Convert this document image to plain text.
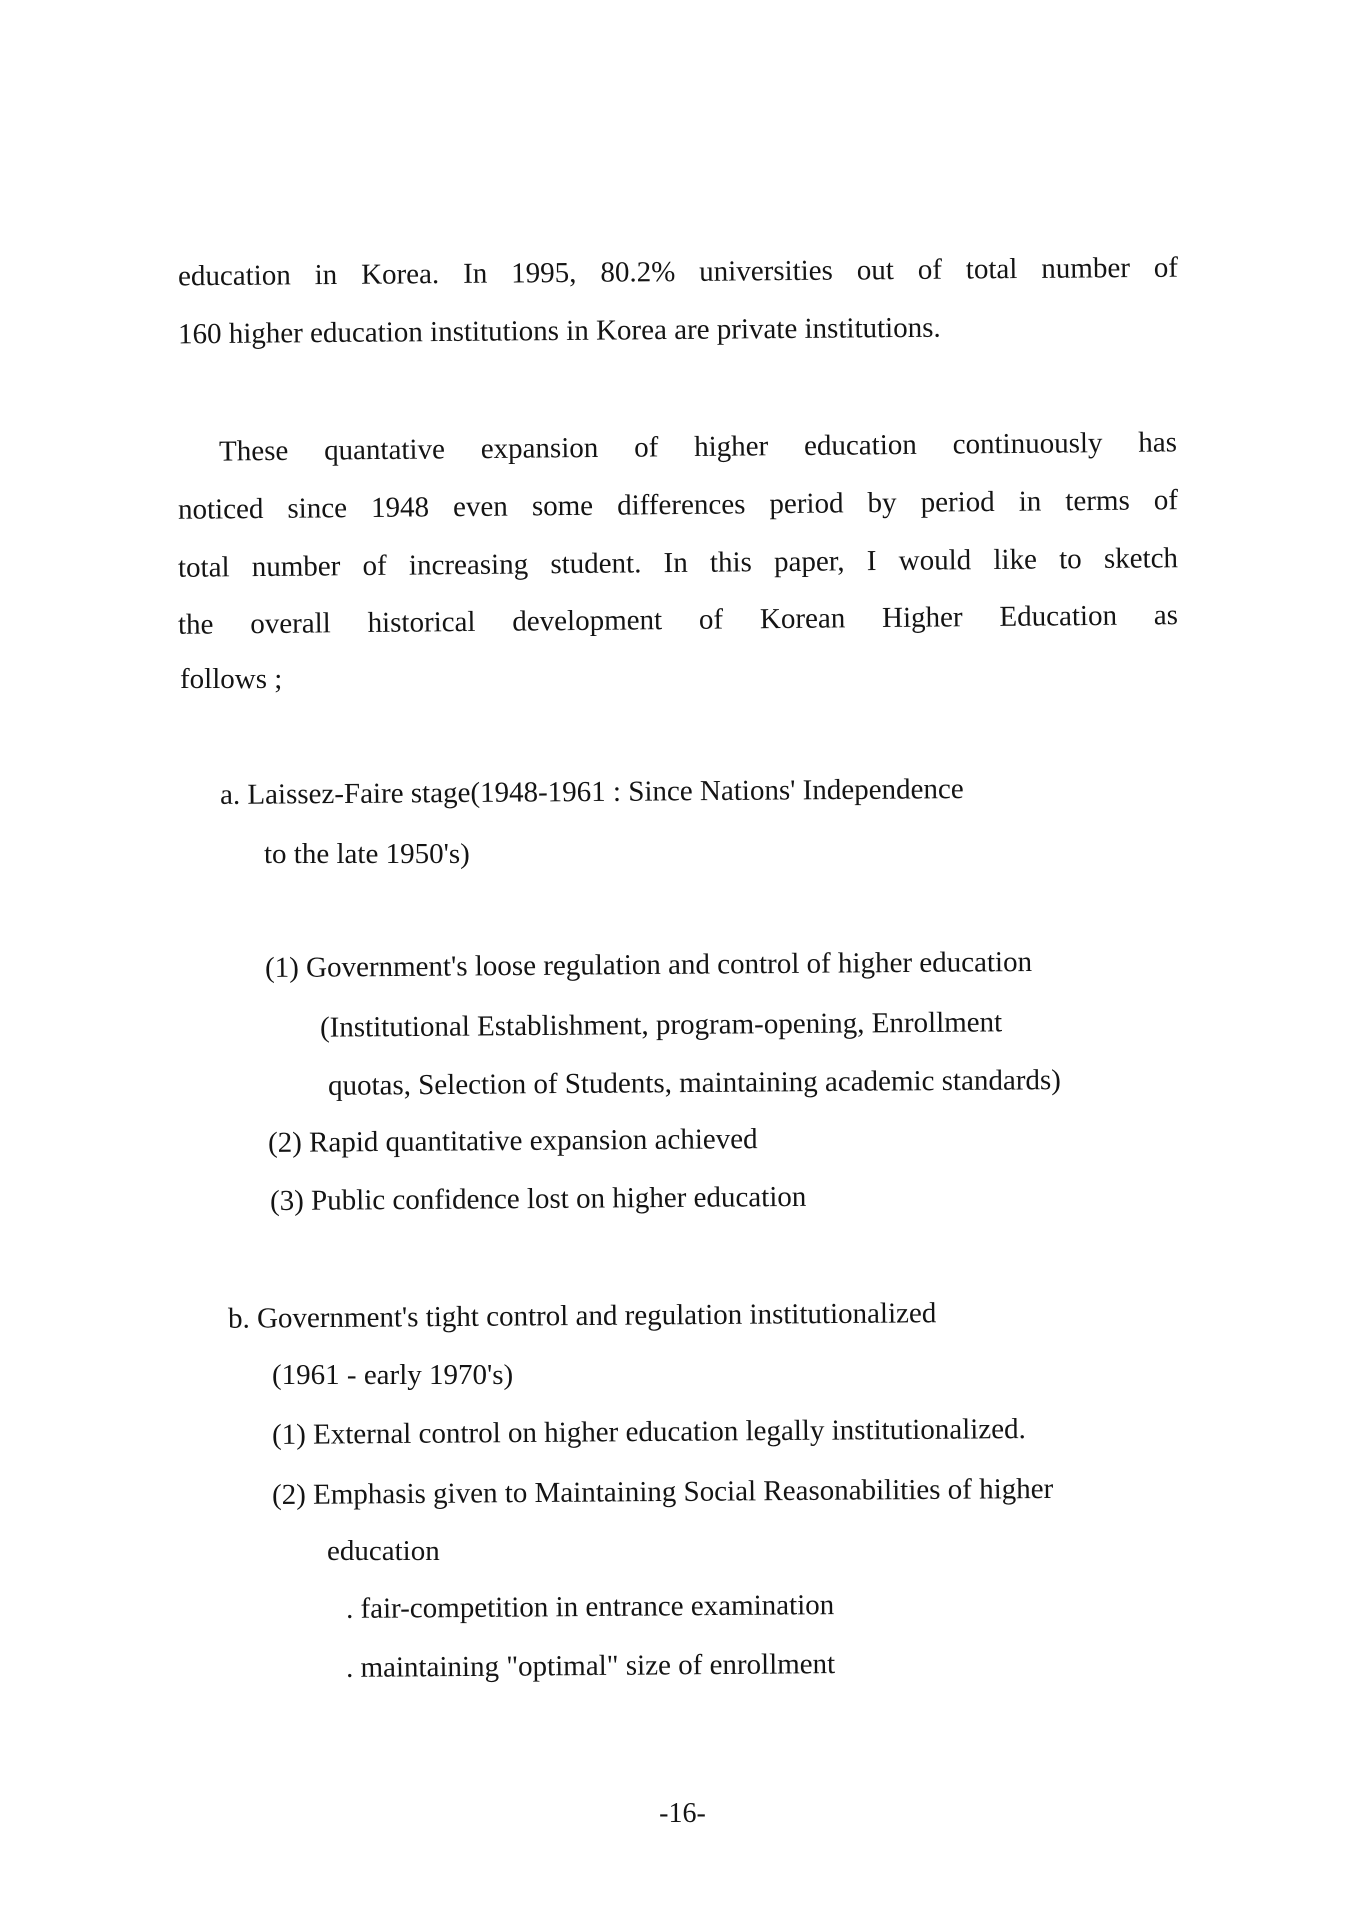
education in Korea. In 1995, 80.2% universities out of total number of
160 higher education institutions in Korea are private institutions.
These quantative expansion of higher education continuously has
noticed since 1948 even some differences period by period in terms of
total number of increasing student. In this paper, I would like to sketch
the overall historical development of Korean Higher Education as
follows ;
a. Laissez-Faire stage(1948-1961 : Since Nations' Independence
to the late 1950's)
(1) Government's loose regulation and control of higher education
(Institutional Establishment, program-opening, Enrollment
quotas, Selection of Students, maintaining academic standards)
(2) Rapid quantitative expansion achieved
(3) Public confidence lost on higher education
b. Government's tight control and regulation institutionalized
(1961 - early 1970's)
(1) External control on higher education legally institutionalized.
(2) Emphasis given to Maintaining Social Reasonabilities of higher
education
. fair-competition in entrance examination
. maintaining "optimal" size of enrollment
-16-
